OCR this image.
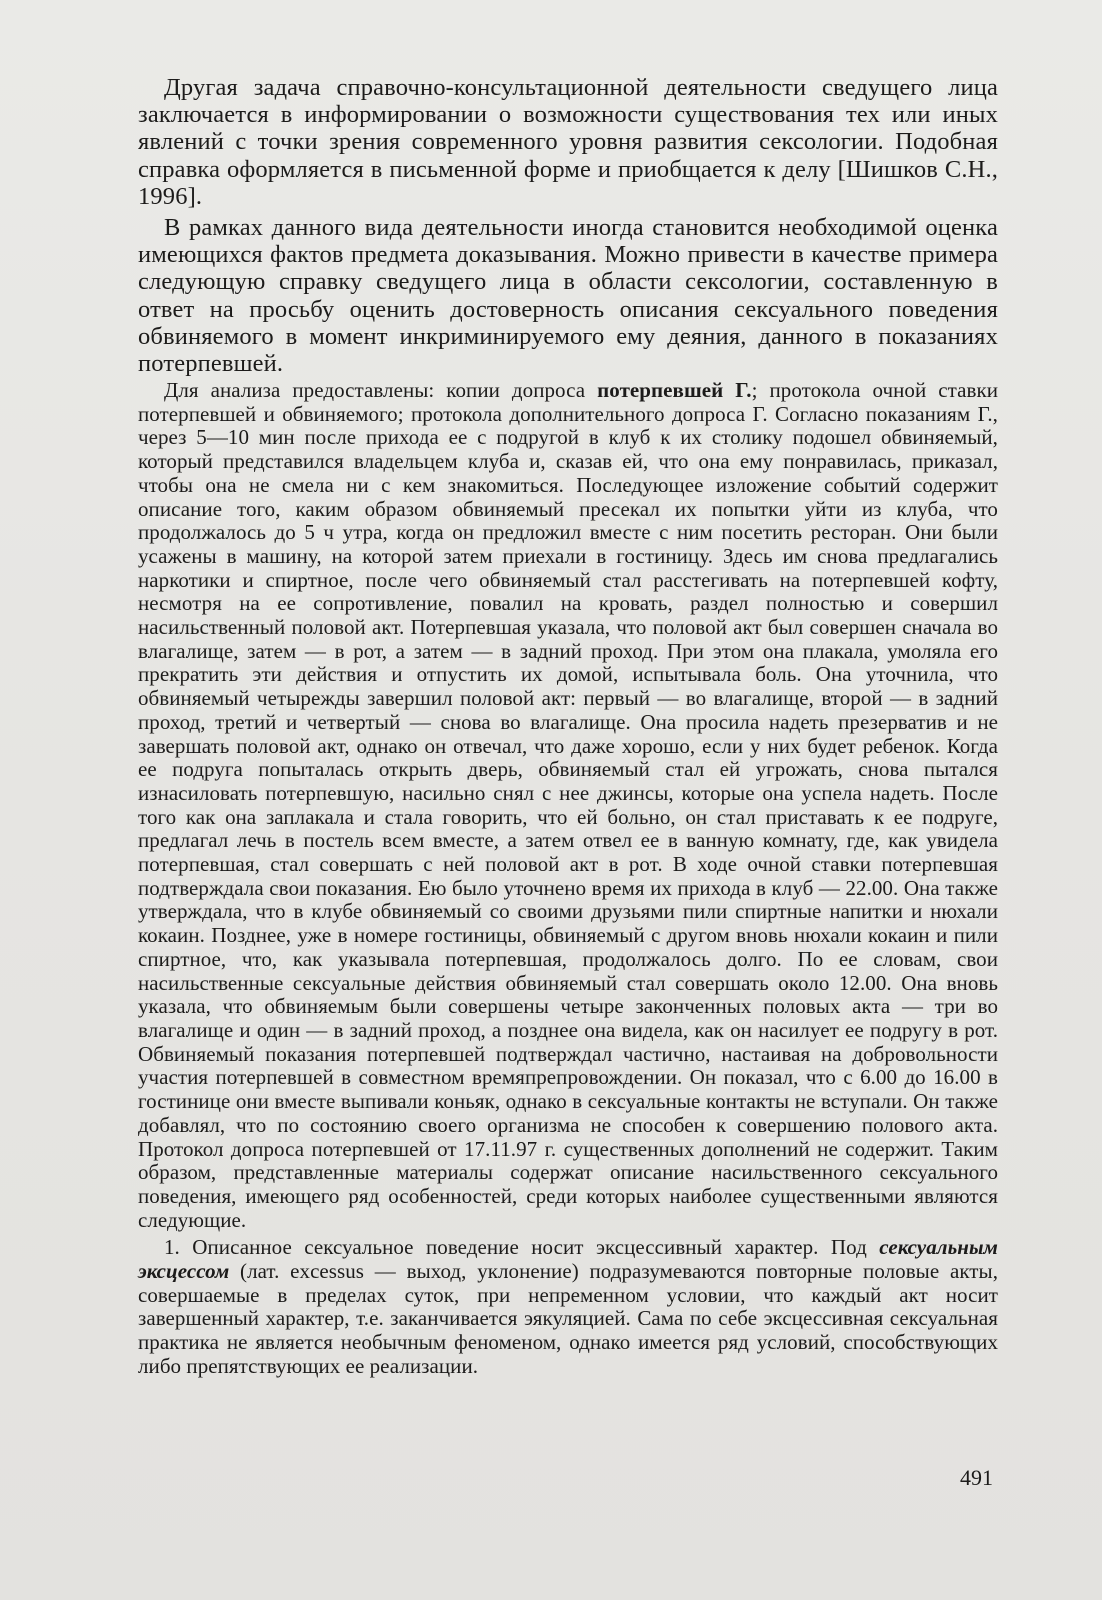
Другая задача справочно-консультационной деятельности сведущего лица заключается в информировании о возможности существования тех или иных явлений с точки зрения современного уровня развития сексологии. Подобная справка оформляется в письменной форме и приобщается к делу [Шишков С.Н., 1996].

В рамках данного вида деятельности иногда становится необходимой оценка имеющихся фактов предмета доказывания. Можно привести в качестве примера следующую справку сведущего лица в области сексологии, составленную в ответ на просьбу оценить достоверность описания сексуального поведения обвиняемого в момент инкриминируемого ему деяния, данного в показаниях потерпевшей.

Для анализа предоставлены: копии допроса потерпевшей Г.; протокола очной ставки потерпевшей и обвиняемого; протокола дополнительного допроса Г. Согласно показаниям Г., через 5—10 мин после прихода ее с подругой в клуб к их столику подошел обвиняемый, который представился владельцем клуба и, сказав ей, что она ему понравилась, приказал, чтобы она не смела ни с кем знакомиться. Последующее изложение событий содержит описание того, каким образом обвиняемый пресекал их попытки уйти из клуба, что продолжалось до 5 ч утра, когда он предложил вместе с ним посетить ресторан. Они были усажены в машину, на которой затем приехали в гостиницу. Здесь им снова предлагались наркотики и спиртное, после чего обвиняемый стал расстегивать на потерпевшей кофту, несмотря на ее сопротивление, повалил на кровать, раздел полностью и совершил насильственный половой акт. Потерпевшая указала, что половой акт был совершен сначала во влагалище, затем — в рот, а затем — в задний проход. При этом она плакала, умоляла его прекратить эти действия и отпустить их домой, испытывала боль. Она уточнила, что обвиняемый четырежды завершил половой акт: первый — во влагалище, второй — в задний проход, третий и четвертый — снова во влагалище. Она просила надеть презерватив и не завершать половой акт, однако он отвечал, что даже хорошо, если у них будет ребенок. Когда ее подруга попыталась открыть дверь, обвиняемый стал ей угрожать, снова пытался изнасиловать потерпевшую, насильно снял с нее джинсы, которые она успела надеть. После того как она заплакала и стала говорить, что ей больно, он стал приставать к ее подруге, предлагал лечь в постель всем вместе, а затем отвел ее в ванную комнату, где, как увидела потерпевшая, стал совершать с ней половой акт в рот. В ходе очной ставки потерпевшая подтверждала свои показания. Ею было уточнено время их прихода в клуб — 22.00. Она также утверждала, что в клубе обвиняемый со своими друзьями пили спиртные напитки и нюхали кокаин. Позднее, уже в номере гостиницы, обвиняемый с другом вновь нюхали кокаин и пили спиртное, что, как указывала потерпевшая, продолжалось долго. По ее словам, свои насильственные сексуальные действия обвиняемый стал совершать около 12.00. Она вновь указала, что обвиняемым были совершены четыре законченных половых акта — три во влагалище и один — в задний проход, а позднее она видела, как он насилует ее подругу в рот. Обвиняемый показания потерпевшей подтверждал частично, настаивая на добровольности участия потерпевшей в совместном времяпрепровождении. Он показал, что с 6.00 до 16.00 в гостинице они вместе выпивали коньяк, однако в сексуальные контакты не вступали. Он также добавлял, что по состоянию своего организма не способен к совершению полового акта. Протокол допроса потерпевшей от 17.11.97 г. существенных дополнений не содержит. Таким образом, представленные материалы содержат описание насильственного сексуального поведения, имеющего ряд особенностей, среди которых наиболее существенными являются следующие.

1. Описанное сексуальное поведение носит эксцессивный характер. Под сексуальным эксцессом (лат. excessus — выход, уклонение) подразумеваются повторные половые акты, совершаемые в пределах суток, при непременном условии, что каждый акт носит завершенный характер, т.е. заканчивается эякуляцией. Сама по себе эксцессивная сексуальная практика не является необычным феноменом, однако имеется ряд условий, способствующих либо препятствующих ее реализации.

491
